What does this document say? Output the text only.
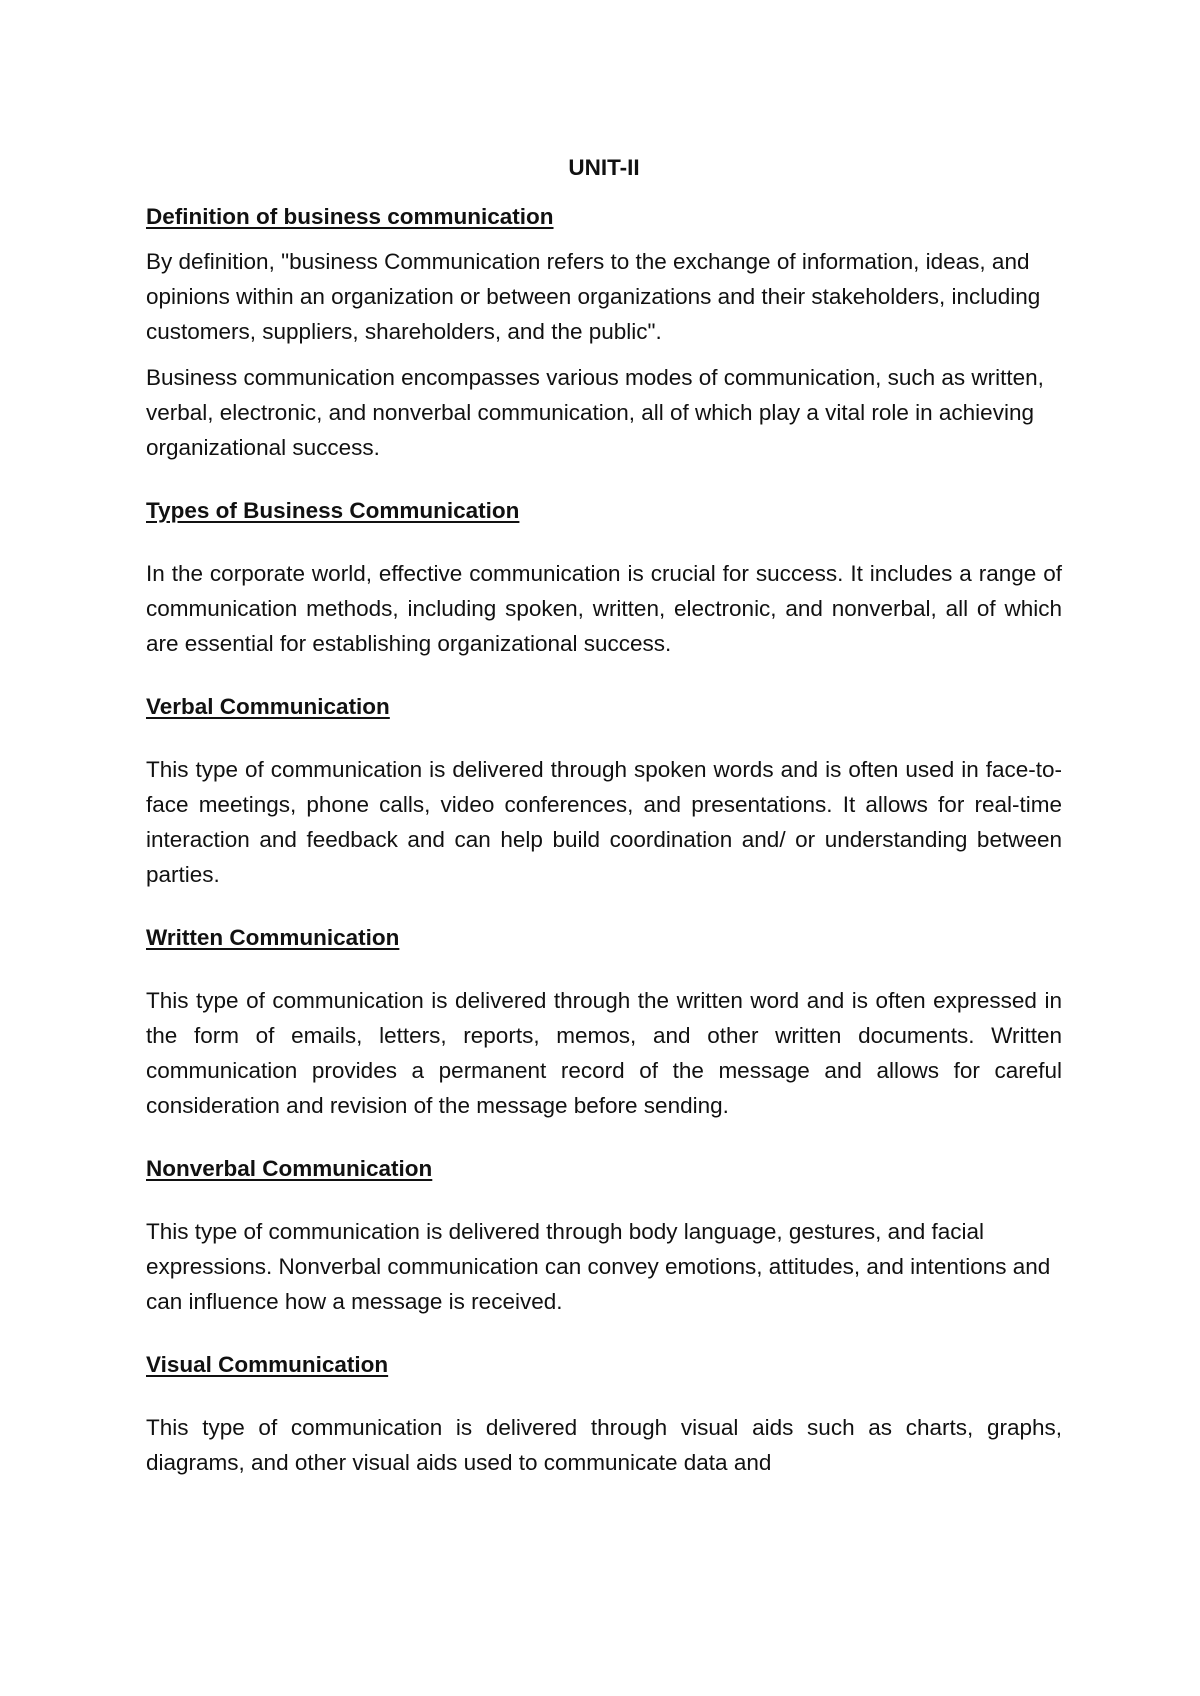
UNIT-II
Definition of business communication

By definition, "business Communication refers to the exchange of information, ideas, and opinions within an organization or between organizations and their stakeholders, including customers, suppliers, shareholders, and the public".

Business communication encompasses various modes of communication, such as written, verbal, electronic, and nonverbal communication, all of which play a vital role in achieving organizational success.

Types of Business Communication

In the corporate world, effective communication is crucial for success. It includes a range of communication methods, including spoken, written, electronic, and nonverbal, all of which are essential for establishing organizational success.

Verbal Communication

This type of communication is delivered through spoken words and is often used in face-to-face meetings, phone calls, video conferences, and presentations. It allows for real-time interaction and feedback and can help build coordination and/ or understanding between parties.

Written Communication

This type of communication is delivered through the written word and is often expressed in the form of emails, letters, reports, memos, and other written documents. Written communication provides a permanent record of the message and allows for careful consideration and revision of the message before sending.

Nonverbal Communication

This type of communication is delivered through body language, gestures, and facial expressions. Nonverbal communication can convey emotions, attitudes, and intentions and can influence how a message is received.

Visual Communication

This type of communication is delivered through visual aids such as charts, graphs, diagrams, and other visual aids used to communicate data and
